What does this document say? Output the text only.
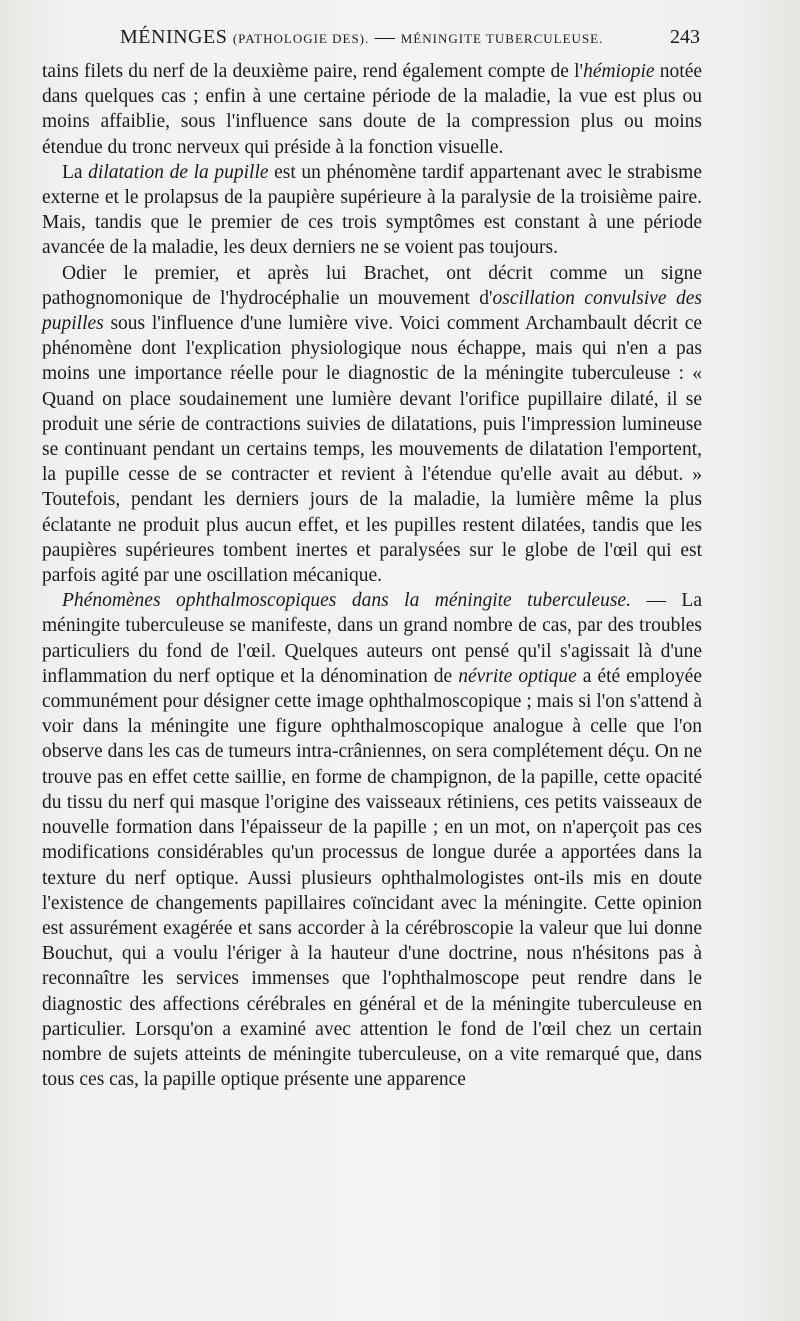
MÉNINGES (PATHOLOGIE DES). — MÉNINGITE TUBERCULEUSE.	243

tains filets du nerf de la deuxième paire, rend également compte de l'hémiopie notée dans quelques cas ; enfin à une certaine période de la maladie, la vue est plus ou moins affaiblie, sous l'influence sans doute de la compression plus ou moins étendue du tronc nerveux qui préside à la fonction visuelle.

La dilatation de la pupille est un phénomène tardif appartenant avec le strabisme externe et le prolapsus de la paupière supérieure à la paralysie de la troisième paire. Mais, tandis que le premier de ces trois symptômes est constant à une période avancée de la maladie, les deux derniers ne se voient pas toujours.

Odier le premier, et après lui Brachet, ont décrit comme un signe pathognomonique de l'hydrocéphalie un mouvement d'oscillation convulsive des pupilles sous l'influence d'une lumière vive. Voici comment Archambault décrit ce phénomène dont l'explication physiologique nous échappe, mais qui n'en a pas moins une importance réelle pour le diagnostic de la méningite tuberculeuse : « Quand on place soudainement une lumière devant l'orifice pupillaire dilaté, il se produit une série de contractions suivies de dilatations, puis l'impression lumineuse se continuant pendant un certains temps, les mouvements de dilatation l'emportent, la pupille cesse de se contracter et revient à l'étendue qu'elle avait au début. » Toutefois, pendant les derniers jours de la maladie, la lumière même la plus éclatante ne produit plus aucun effet, et les pupilles restent dilatées, tandis que les paupières supérieures tombent inertes et paralysées sur le globe de l'œil qui est parfois agité par une oscillation mécanique.

Phénomènes ophthalmoscopiques dans la méningite tuberculeuse. — La méningite tuberculeuse se manifeste, dans un grand nombre de cas, par des troubles particuliers du fond de l'œil. Quelques auteurs ont pensé qu'il s'agissait là d'une inflammation du nerf optique et la dénomination de névrite optique a été employée communément pour désigner cette image ophthalmoscopique ; mais si l'on s'attend à voir dans la méningite une figure ophthalmoscopique analogue à celle que l'on observe dans les cas de tumeurs intra-crâniennes, on sera complétement déçu. On ne trouve pas en effet cette saillie, en forme de champignon, de la papille, cette opacité du tissu du nerf qui masque l'origine des vaisseaux rétiniens, ces petits vaisseaux de nouvelle formation dans l'épaisseur de la papille ; en un mot, on n'aperçoit pas ces modifications considérables qu'un processus de longue durée a apportées dans la texture du nerf optique. Aussi plusieurs ophthalmologistes ont-ils mis en doute l'existence de changements papillaires coïncidant avec la méningite. Cette opinion est assurément exagérée et sans accorder à la cérébroscopie la valeur que lui donne Bouchut, qui a voulu l'ériger à la hauteur d'une doctrine, nous n'hésitons pas à reconnaître les services immenses que l'ophthalmoscope peut rendre dans le diagnostic des affections cérébrales en général et de la méningite tuberculeuse en particulier. Lorsqu'on a examiné avec attention le fond de l'œil chez un certain nombre de sujets atteints de méningite tuberculeuse, on a vite remarqué que, dans tous ces cas, la papille optique présente une apparence
